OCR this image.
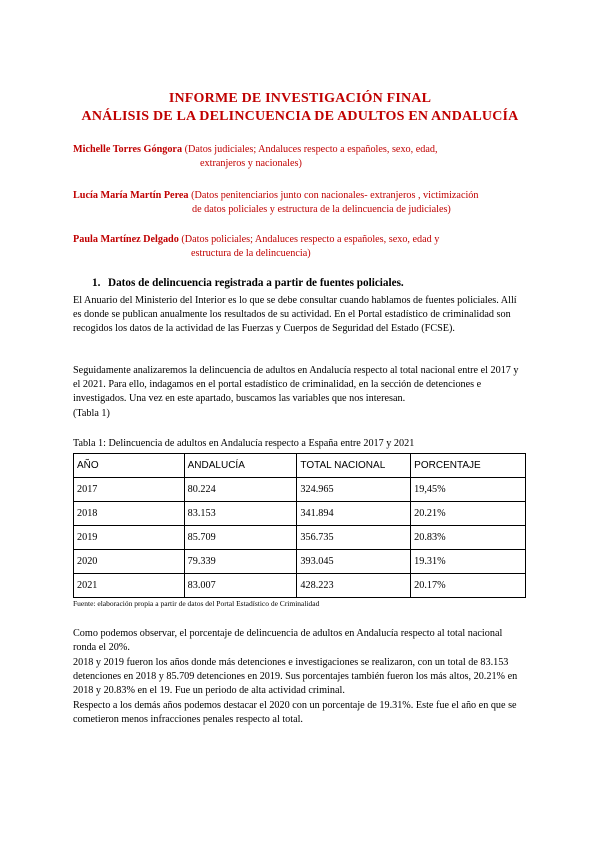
INFORME DE INVESTIGACIÓN FINAL
ANÁLISIS DE LA DELINCUENCIA DE ADULTOS EN ANDALUCÍA
Michelle Torres Góngora (Datos judiciales; Andaluces respecto a españoles, sexo, edad,
extranjeros y nacionales)
Lucía María Martín Perea (Datos penitenciarios junto con nacionales- extranjeros , victimización
de datos policiales y estructura de la delincuencia de judiciales)
Paula Martínez Delgado (Datos policiales; Andaluces respecto a españoles, sexo, edad y
estructura de la delincuencia)
1. Datos de delincuencia registrada a partir de fuentes policiales.

El Anuario del Ministerio del Interior es lo que se debe consultar cuando hablamos de fuentes policiales. Allí es donde se publican anualmente los resultados de su actividad. En el Portal estadístico de criminalidad son recogidos los datos de la actividad de las Fuerzas y Cuerpos de Seguridad del Estado (FCSE).

Seguidamente analizaremos la delincuencia de adultos en Andalucía respecto al total nacional entre el 2017 y el 2021. Para ello, indagamos en el portal estadístico de criminalidad, en la sección de detenciones e investigados. Una vez en este apartado, buscamos las variables que nos interesan.
(Tabla 1)

Tabla 1: Delincuencia de adultos en Andalucía respecto a España entre 2017 y 2021
AÑO	ANDALUCÍA	TOTAL NACIONAL	PORCENTAJE
2017	80.224	324.965	19,45%
2018	83.153	341.894	20.21%
2019	85.709	356.735	20.83%
2020	79.339	393.045	19.31%
2021	83.007	428.223	20.17%
Fuente: elaboración propia a partir de datos del Portal Estadístico de Criminalidad

Como podemos observar, el porcentaje de delincuencia de adultos en Andalucía respecto al total nacional ronda el 20%.

2018 y 2019 fueron los años donde más detenciones e investigaciones se realizaron, con un total de 83.153 detenciones en 2018 y 85.709 detenciones en 2019. Sus porcentajes también fueron los más altos, 20.21% en 2018 y 20.83% en el 19. Fue un periodo de alta actividad criminal.

Respecto a los demás años podemos destacar el 2020 con un porcentaje de 19.31%. Este fue el año en que se cometieron menos infracciones penales respecto al total.
